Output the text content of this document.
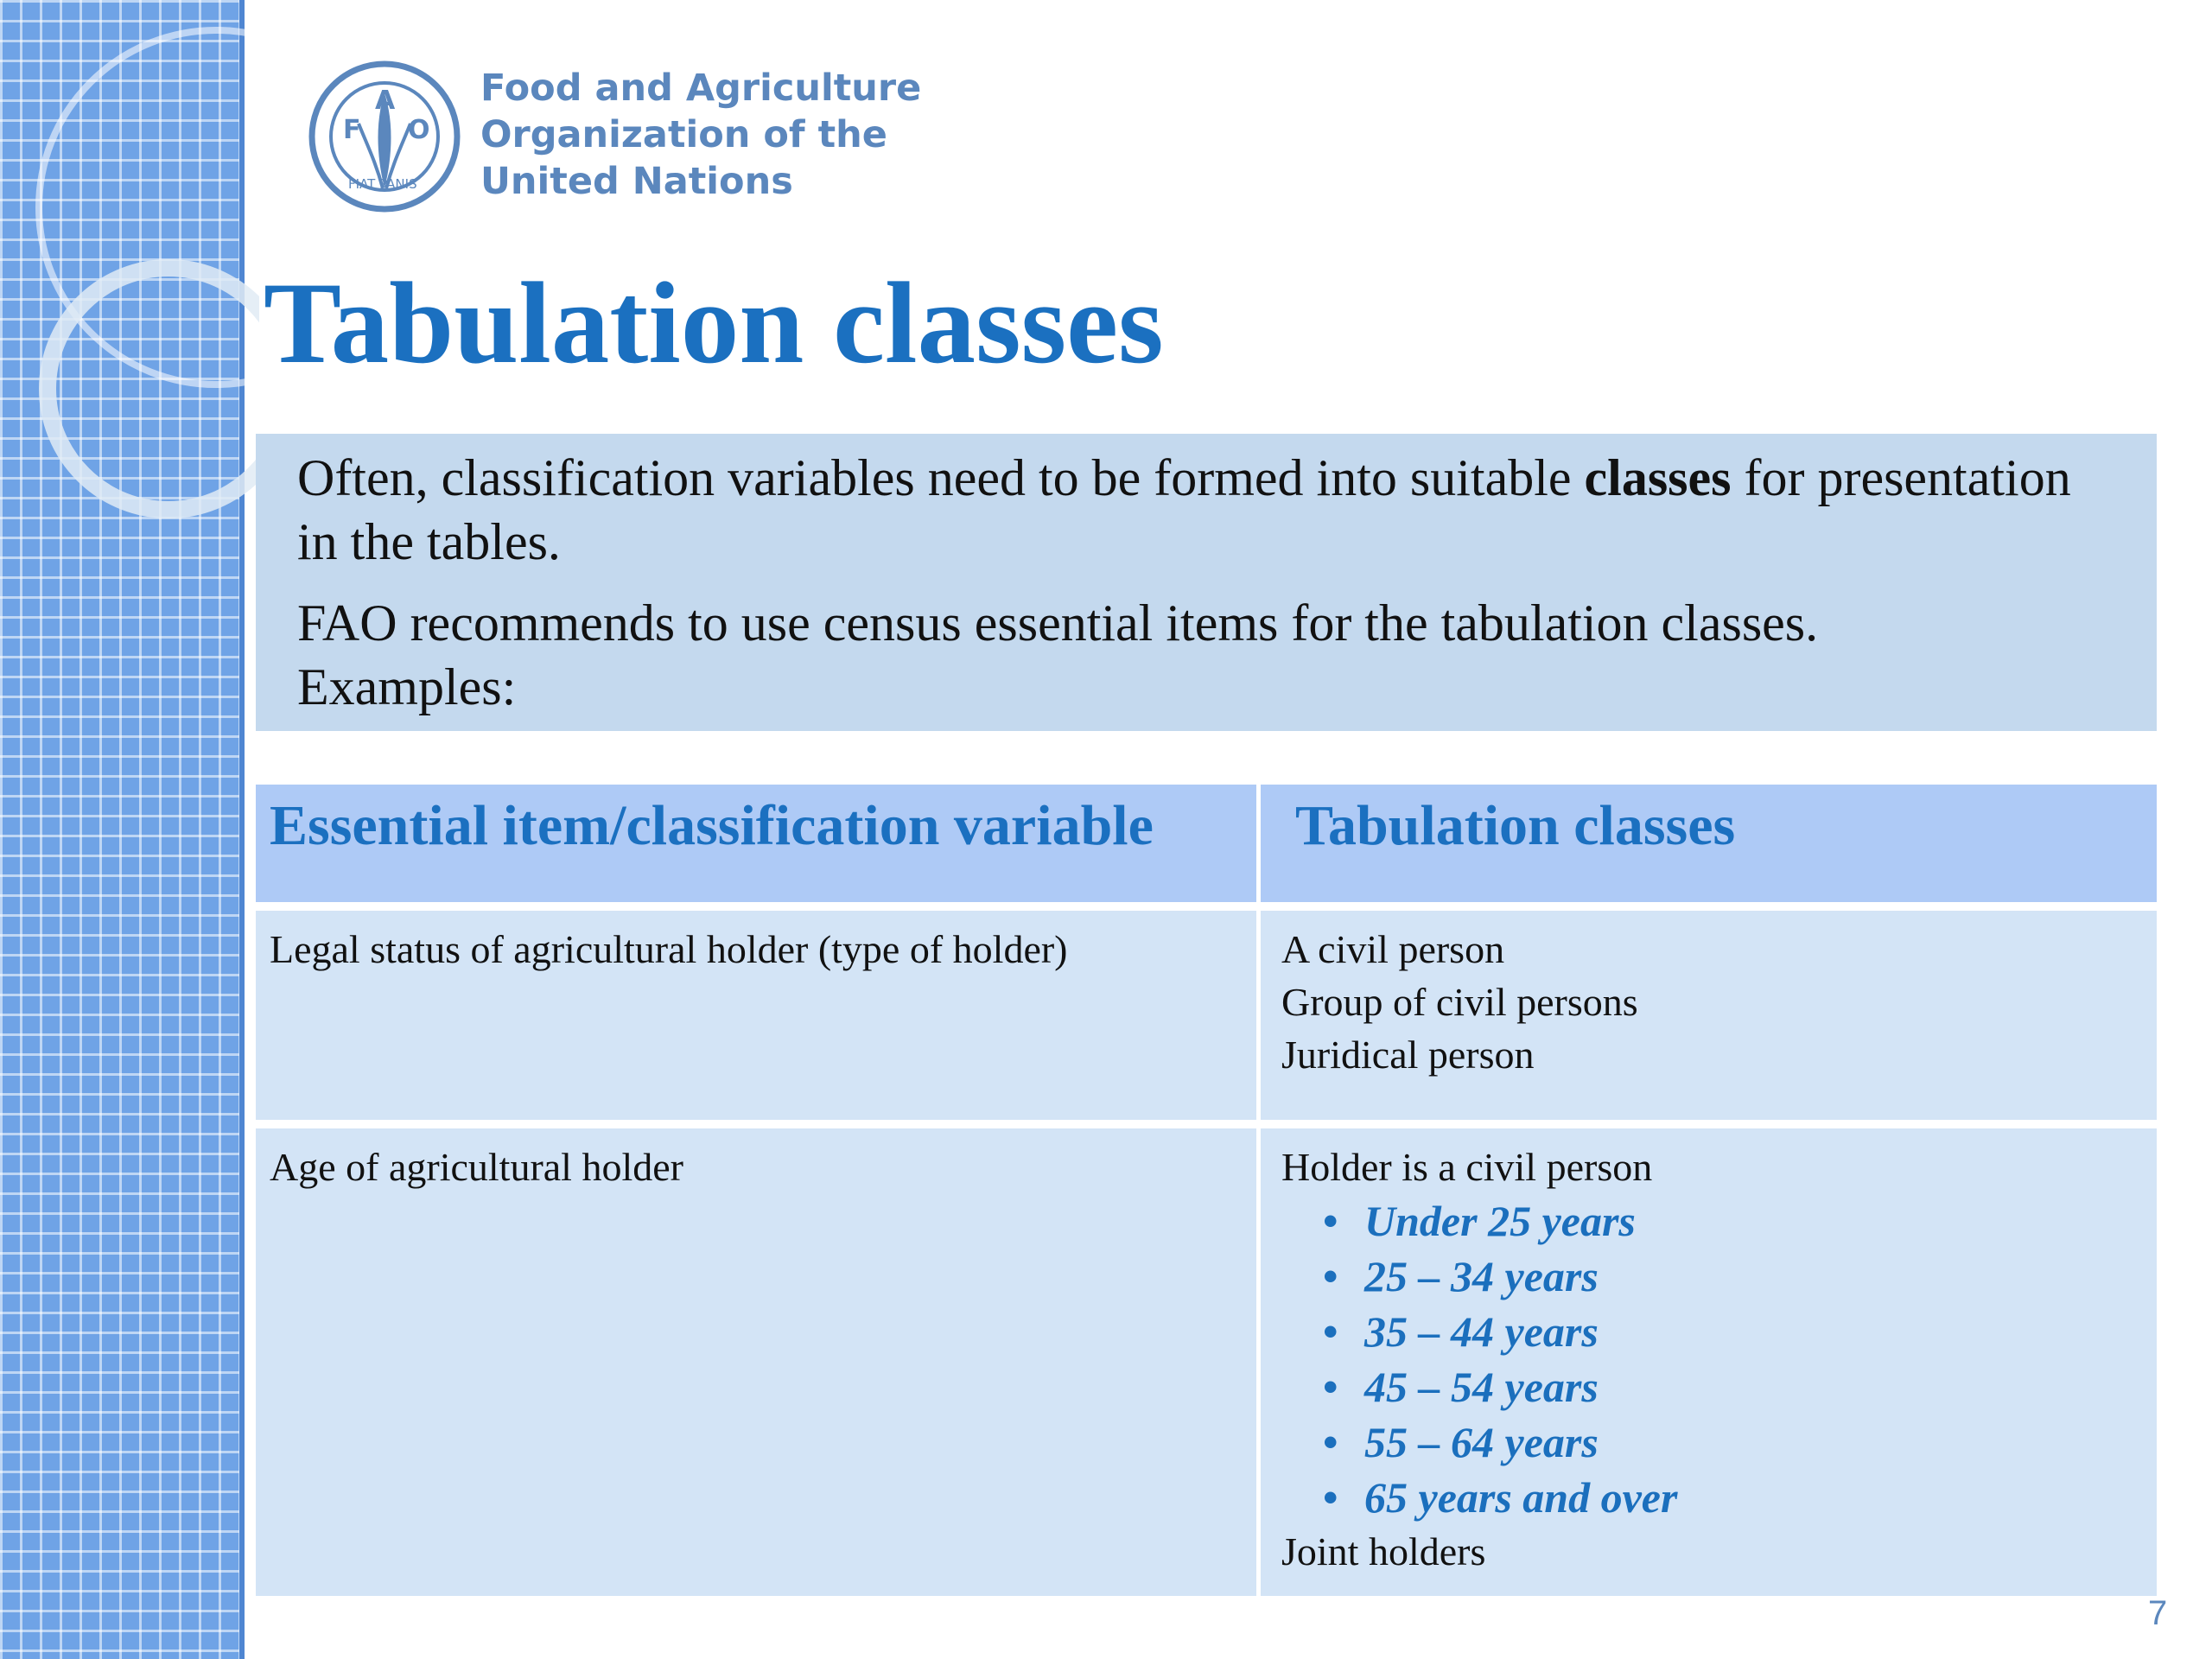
F
A
O
FIAT PANIS
Food and Agriculture
Organization of the
United Nations
Tabulation classes

Often, classification variables need to be formed into suitable classes for presentation in the tables.

FAO recommends to use census essential items for the tabulation classes.
Examples:

Essential item/classification variable	Tabulation classes
Legal status of agricultural holder (type of holder)	A civil person
Group of civil persons
Juridical person
Age of agricultural holder	Holder is a civil person
• Under 25 years
• 25 – 34 years
• 35 – 44 years
• 45 – 54 years
• 55 – 64 years
• 65 years and over
Joint holders
7
